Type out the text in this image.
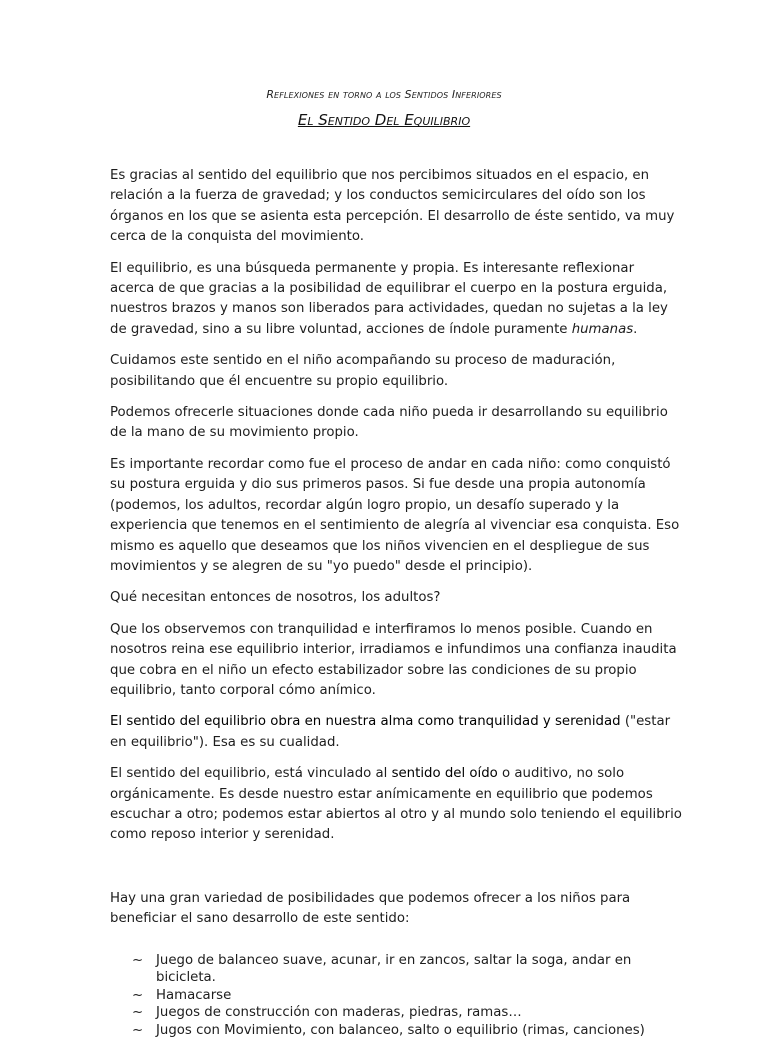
Reflexiones en torno a los Sentidos Inferiores
El Sentido Del Equilibrio

Es gracias al sentido del equilibrio que nos percibimos situados en el espacio, en relación a la fuerza de gravedad; y los conductos semicirculares del oído son los órganos en los que se asienta esta percepción. El desarrollo de éste sentido, va muy cerca de la conquista del movimiento.

El equilibrio, es una búsqueda permanente y propia. Es interesante reflexionar acerca de que gracias a la posibilidad de equilibrar el cuerpo en la postura erguida, nuestros brazos y manos son liberados para actividades, quedan no sujetas a la ley de gravedad, sino a su libre voluntad, acciones de índole puramente humanas.

Cuidamos este sentido en el niño acompañando su proceso de maduración, posibilitando que él encuentre su propio equilibrio.

Podemos ofrecerle situaciones donde cada niño pueda ir desarrollando su equilibrio de la mano de su movimiento propio.

Es importante recordar como fue el proceso de andar en cada niño: como conquistó su postura erguida y dio sus primeros pasos. Si fue desde una propia autonomía (podemos, los adultos, recordar algún logro propio, un desafío superado y la experiencia que tenemos en el sentimiento de alegría al vivenciar esa conquista. Eso mismo es aquello que deseamos que los niños vivencien en el despliegue de sus movimientos y se alegren de su "yo puedo" desde el principio).

Qué necesitan entonces de nosotros, los adultos?

Que los observemos con tranquilidad e interfiramos lo menos posible. Cuando en nosotros reina ese equilibrio interior, irradiamos e infundimos una confianza inaudita que cobra en el niño un efecto estabilizador sobre las condiciones de su propio equilibrio, tanto corporal cómo anímico.

El sentido del equilibrio obra en nuestra alma como tranquilidad y serenidad ("estar en equilibrio"). Esa es su cualidad.

El sentido del equilibrio, está vinculado al sentido del oído o auditivo, no solo orgánicamente. Es desde nuestro estar anímicamente en equilibrio que podemos escuchar a otro; podemos estar abiertos al otro y al mundo solo teniendo el equilibrio como reposo interior y serenidad.

Hay una gran variedad de posibilidades que podemos ofrecer a los niños para beneficiar el sano desarrollo de este sentido:

~ Juego de balanceo suave, acunar, ir en zancos, saltar la soga, andar en bicicleta.
~ Hamacarse
~ Juegos de construcción con maderas, piedras, ramas…
~ Jugos con Movimiento, con balanceo, salto o equilibrio (rimas, canciones)
